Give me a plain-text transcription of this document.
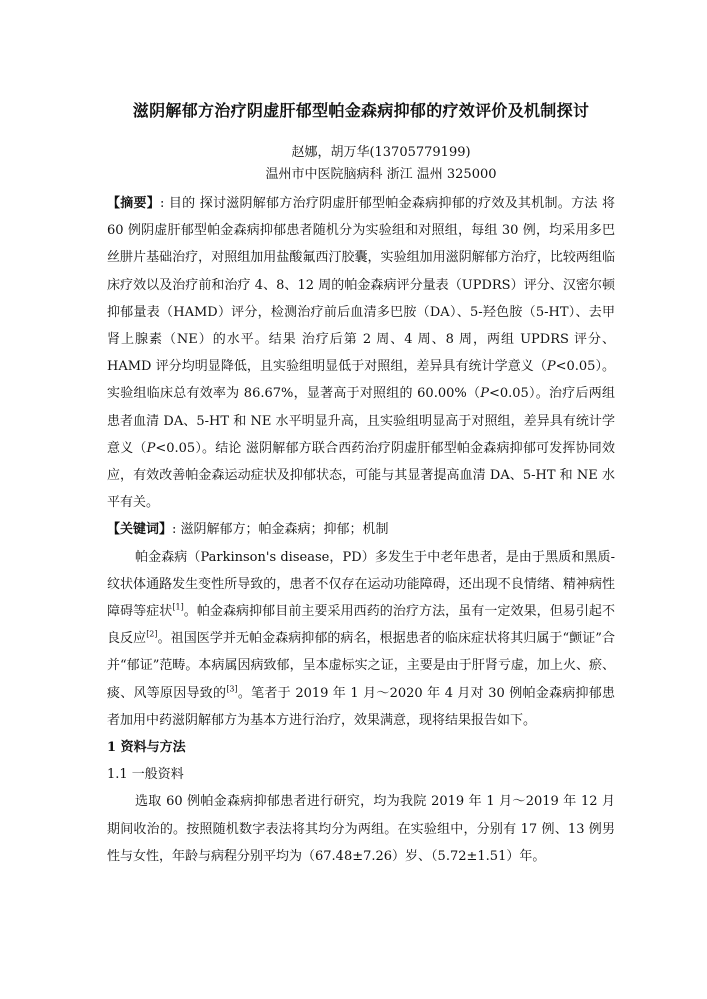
滋阴解郁方治疗阴虚肝郁型帕金森病抑郁的疗效评价及机制探讨
赵娜，胡万华(13705779199)
温州市中医院脑病科 浙江 温州 325000

【摘要】: 目的 探讨滋阴解郁方治疗阴虚肝郁型帕金森病抑郁的疗效及其机制。方法 将 60 例阴虚肝郁型帕金森病抑郁患者随机分为实验组和对照组，每组 30 例，均采用多巴丝肼片基础治疗，对照组加用盐酸氟西汀胶囊，实验组加用滋阴解郁方治疗，比较两组临床疗效以及治疗前和治疗 4、8、12 周的帕金森病评分量表（UPDRS）评分、汉密尔顿抑郁量表（HAMD）评分，检测治疗前后血清多巴胺（DA）、5-羟色胺（5-HT）、去甲肾上腺素（NE）的水平。结果 治疗后第 2 周、4 周、8 周，两组 UPDRS 评分、HAMD 评分均明显降低，且实验组明显低于对照组，差异具有统计学意义（P<0.05）。实验组临床总有效率为 86.67%，显著高于对照组的 60.00%（P<0.05）。治疗后两组患者血清 DA、5-HT 和 NE 水平明显升高，且实验组明显高于对照组，差异具有统计学意义（P<0.05）。结论 滋阴解郁方联合西药治疗阴虚肝郁型帕金森病抑郁可发挥协同效应，有效改善帕金森运动症状及抑郁状态，可能与其显著提高血清 DA、5-HT 和 NE 水平有关。

【关键词】: 滋阴解郁方；帕金森病；抑郁；机制

帕金森病（Parkinson's disease，PD）多发生于中老年患者，是由于黑质和黑质-纹状体通路发生变性所导致的，患者不仅存在运动功能障碍，还出现不良情绪、精神病性障碍等症状[1]。帕金森病抑郁目前主要采用西药的治疗方法，虽有一定效果，但易引起不良反应[2]。祖国医学并无帕金森病抑郁的病名，根据患者的临床症状将其归属于“颤证”合并“郁证”范畴。本病属因病致郁，呈本虚标实之证，主要是由于肝肾亏虚，加上火、瘀、痰、风等原因导致的[3]。笔者于 2019 年 1 月～2020 年 4 月对 30 例帕金森病抑郁患者加用中药滋阴解郁方为基本方进行治疗，效果满意，现将结果报告如下。

1 资料与方法
1.1 一般资料

选取 60 例帕金森病抑郁患者进行研究，均为我院 2019 年 1 月～2019 年 12 月期间收治的。按照随机数字表法将其均分为两组。在实验组中，分别有 17 例、13 例男性与女性，年龄与病程分别平均为（67.48±7.26）岁、（5.72±1.51）年。
